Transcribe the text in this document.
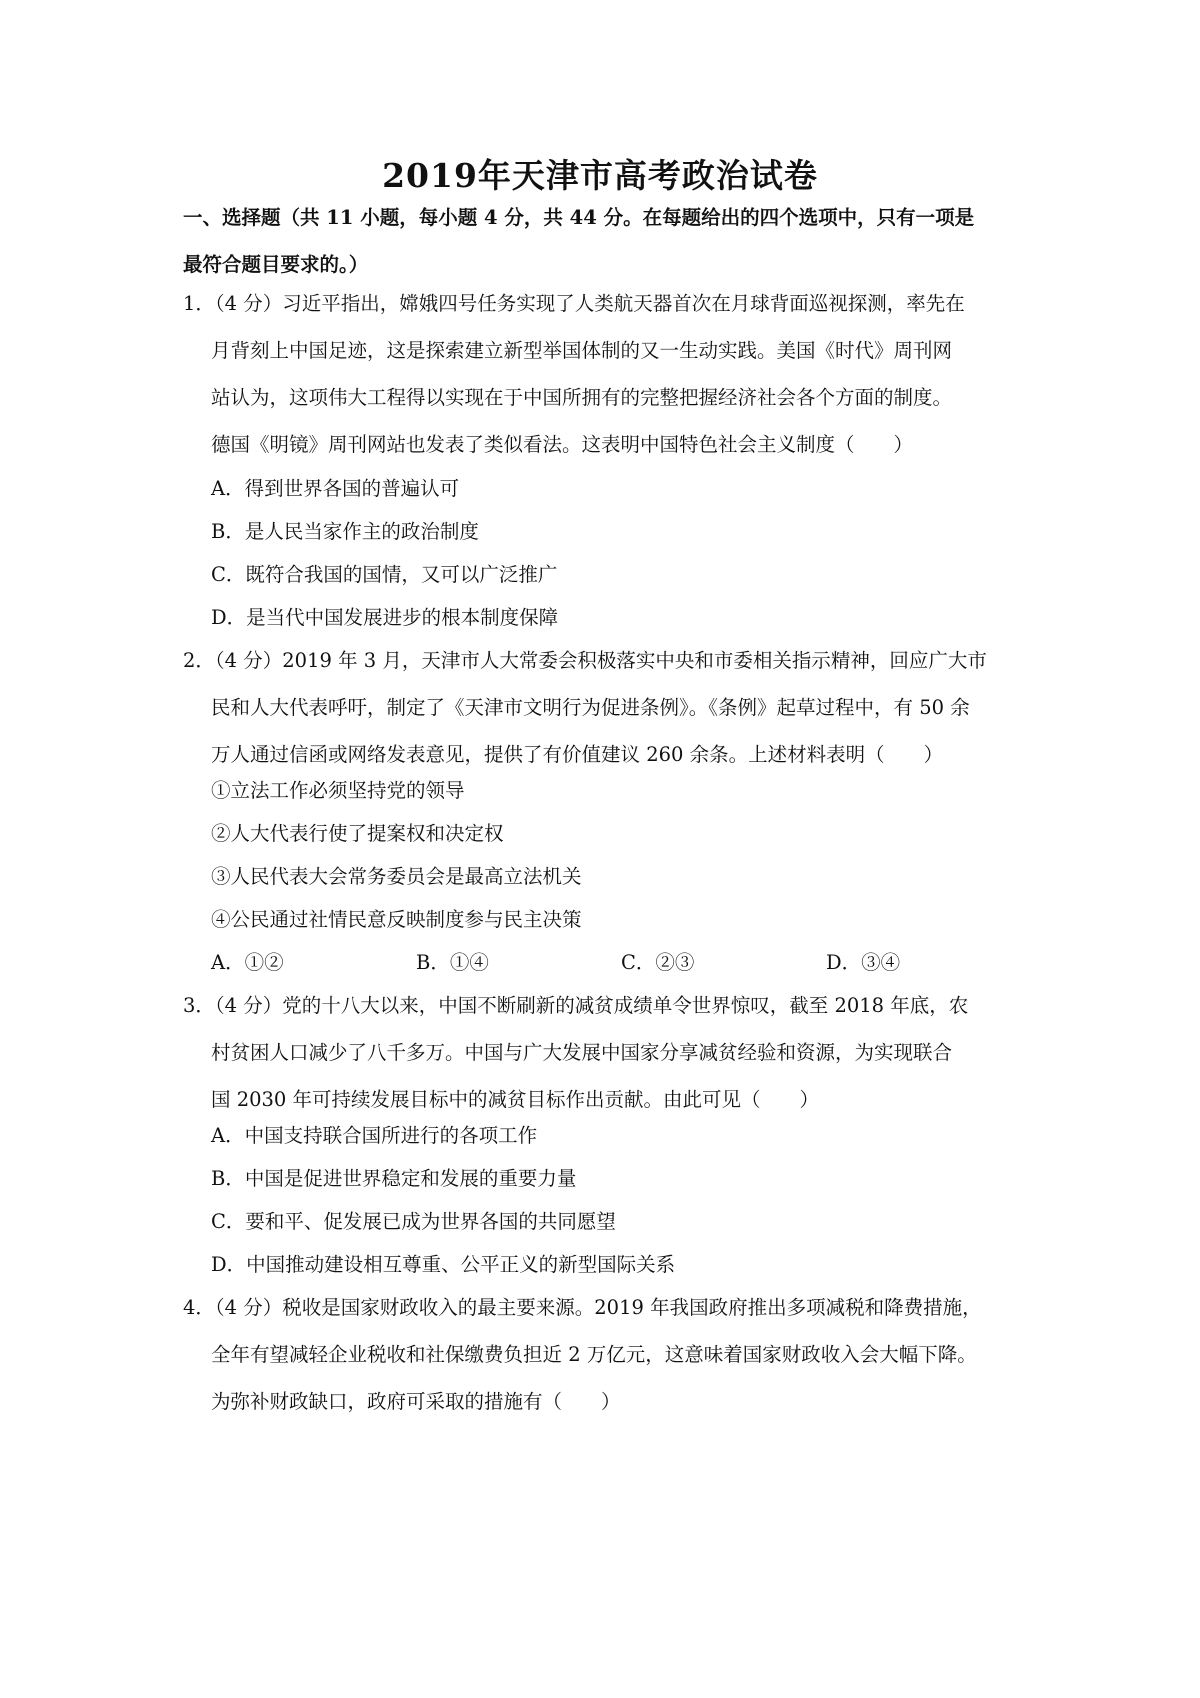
2019年天津市高考政治试卷
一、选择题（共 11 小题，每小题 4 分，共 44 分。在每题给出的四个选项中，只有一项是
最符合题目要求的。）
1．（4 分）习近平指出，嫦娥四号任务实现了人类航天器首次在月球背面巡视探测，率先在
月背刻上中国足迹，这是探索建立新型举国体制的又一生动实践。美国《时代》周刊网
站认为，这项伟大工程得以实现在于中国所拥有的完整把握经济社会各个方面的制度。
德国《明镜》周刊网站也发表了类似看法。这表明中国特色社会主义制度（　　）
A．得到世界各国的普遍认可
B．是人民当家作主的政治制度
C．既符合我国的国情，又可以广泛推广
D．是当代中国发展进步的根本制度保障
2．（4 分）2019 年 3 月，天津市人大常委会积极落实中央和市委相关指示精神，回应广大市
民和人大代表呼吁，制定了《天津市文明行为促进条例》。《条例》起草过程中，有 50 余
万人通过信函或网络发表意见，提供了有价值建议 260 余条。上述材料表明（　　）
①立法工作必须坚持党的领导
②人大代表行使了提案权和决定权
③人民代表大会常务委员会是最高立法机关
④公民通过社情民意反映制度参与民主决策
A．①②	B．①④	C．②③	D．③④
3．（4 分）党的十八大以来，中国不断刷新的减贫成绩单令世界惊叹，截至 2018 年底，农
村贫困人口减少了八千多万。中国与广大发展中国家分享减贫经验和资源，为实现联合
国 2030 年可持续发展目标中的减贫目标作出贡献。由此可见（　　）
A．中国支持联合国所进行的各项工作
B．中国是促进世界稳定和发展的重要力量
C．要和平、促发展已成为世界各国的共同愿望
D．中国推动建设相互尊重、公平正义的新型国际关系
4．（4 分）税收是国家财政收入的最主要来源。2019 年我国政府推出多项减税和降费措施，
全年有望减轻企业税收和社保缴费负担近 2 万亿元，这意味着国家财政收入会大幅下降。
为弥补财政缺口，政府可采取的措施有（　　）
